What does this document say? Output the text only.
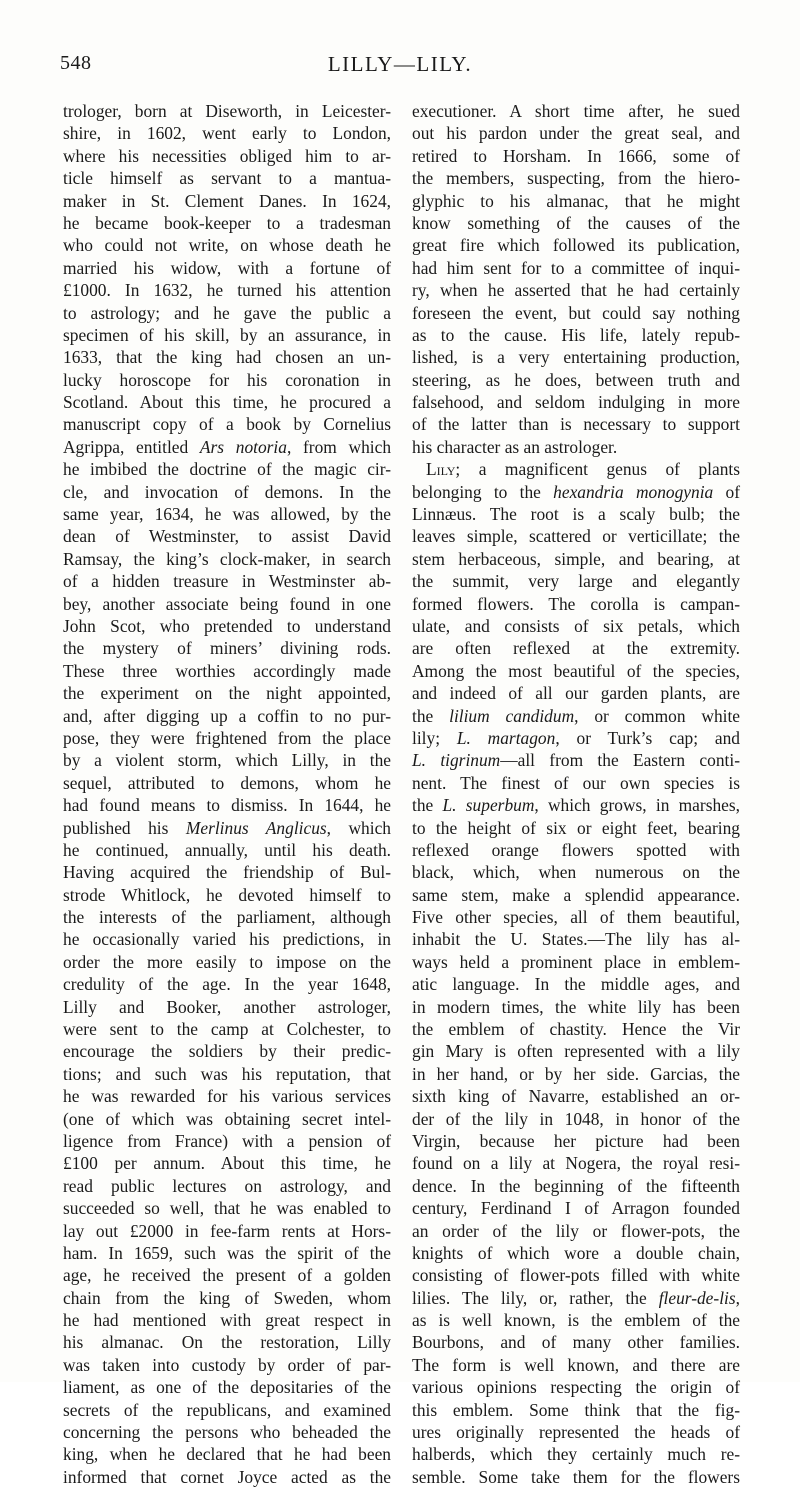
548	LILLY—LILY.
trologer, born at Diseworth, in Leicester-
shire, in 1602, went early to London,
where his necessities obliged him to ar-
ticle himself as servant to a mantua-
maker in St. Clement Danes. In 1624,
he became book-keeper to a tradesman
who could not write, on whose death he
married his widow, with a fortune of
£1000. In 1632, he turned his attention
to astrology; and he gave the public a
specimen of his skill, by an assurance, in
1633, that the king had chosen an un-
lucky horoscope for his coronation in
Scotland. About this time, he procured a
manuscript copy of a book by Cornelius
Agrippa, entitled Ars notoria, from which
he imbibed the doctrine of the magic cir-
cle, and invocation of demons. In the
same year, 1634, he was allowed, by the
dean of Westminster, to assist David
Ramsay, the king’s clock-maker, in search
of a hidden treasure in Westminster ab-
bey, another associate being found in one
John Scot, who pretended to understand
the mystery of miners’ divining rods.
These three worthies accordingly made
the experiment on the night appointed,
and, after digging up a coffin to no pur-
pose, they were frightened from the place
by a violent storm, which Lilly, in the
sequel, attributed to demons, whom he
had found means to dismiss. In 1644, he
published his Merlinus Anglicus, which
he continued, annually, until his death.
Having acquired the friendship of Bul-
strode Whitlock, he devoted himself to
the interests of the parliament, although
he occasionally varied his predictions, in
order the more easily to impose on the
credulity of the age. In the year 1648,
Lilly and Booker, another astrologer,
were sent to the camp at Colchester, to
encourage the soldiers by their predic-
tions; and such was his reputation, that
he was rewarded for his various services
(one of which was obtaining secret intel-
ligence from France) with a pension of
£100 per annum. About this time, he
read public lectures on astrology, and
succeeded so well, that he was enabled to
lay out £2000 in fee-farm rents at Hors-
ham. In 1659, such was the spirit of the
age, he received the present of a golden
chain from the king of Sweden, whom
he had mentioned with great respect in
his almanac. On the restoration, Lilly
was taken into custody by order of par-
liament, as one of the depositaries of the
secrets of the republicans, and examined
concerning the persons who beheaded the
king, when he declared that he had been
informed that cornet Joyce acted as the
executioner. A short time after, he sued
out his pardon under the great seal, and
retired to Horsham. In 1666, some of
the members, suspecting, from the hiero-
glyphic to his almanac, that he might
know something of the causes of the
great fire which followed its publication,
had him sent for to a committee of inqui-
ry, when he asserted that he had certainly
foreseen the event, but could say nothing
as to the cause. His life, lately repub-
lished, is a very entertaining production,
steering, as he does, between truth and
falsehood, and seldom indulging in more
of the latter than is necessary to support
his character as an astrologer.
Lily; a magnificent genus of plants
belonging to the hexandria monogynia of
Linnæus. The root is a scaly bulb; the
leaves simple, scattered or verticillate; the
stem herbaceous, simple, and bearing, at
the summit, very large and elegantly
formed flowers. The corolla is campan-
ulate, and consists of six petals, which
are often reflexed at the extremity.
Among the most beautiful of the species,
and indeed of all our garden plants, are
the lilium candidum, or common white
lily; L. martagon, or Turk’s cap; and
L. tigrinum—all from the Eastern conti-
nent. The finest of our own species is
the L. superbum, which grows, in marshes,
to the height of six or eight feet, bearing
reflexed orange flowers spotted with
black, which, when numerous on the
same stem, make a splendid appearance.
Five other species, all of them beautiful,
inhabit the U. States.—The lily has al-
ways held a prominent place in emblem-
atic language. In the middle ages, and
in modern times, the white lily has been
the emblem of chastity. Hence the Vir
gin Mary is often represented with a lily
in her hand, or by her side. Garcias, the
sixth king of Navarre, established an or-
der of the lily in 1048, in honor of the
Virgin, because her picture had been
found on a lily at Nogera, the royal resi-
dence. In the beginning of the fifteenth
century, Ferdinand I of Arragon founded
an order of the lily or flower-pots, the
knights of which wore a double chain,
consisting of flower-pots filled with white
lilies. The lily, or, rather, the fleur-de-lis,
as is well known, is the emblem of the
Bourbons, and of many other families.
The form is well known, and there are
various opinions respecting the origin of
this emblem. Some think that the fig-
ures originally represented the heads of
halberds, which they certainly much re-
semble. Some take them for the flowers
